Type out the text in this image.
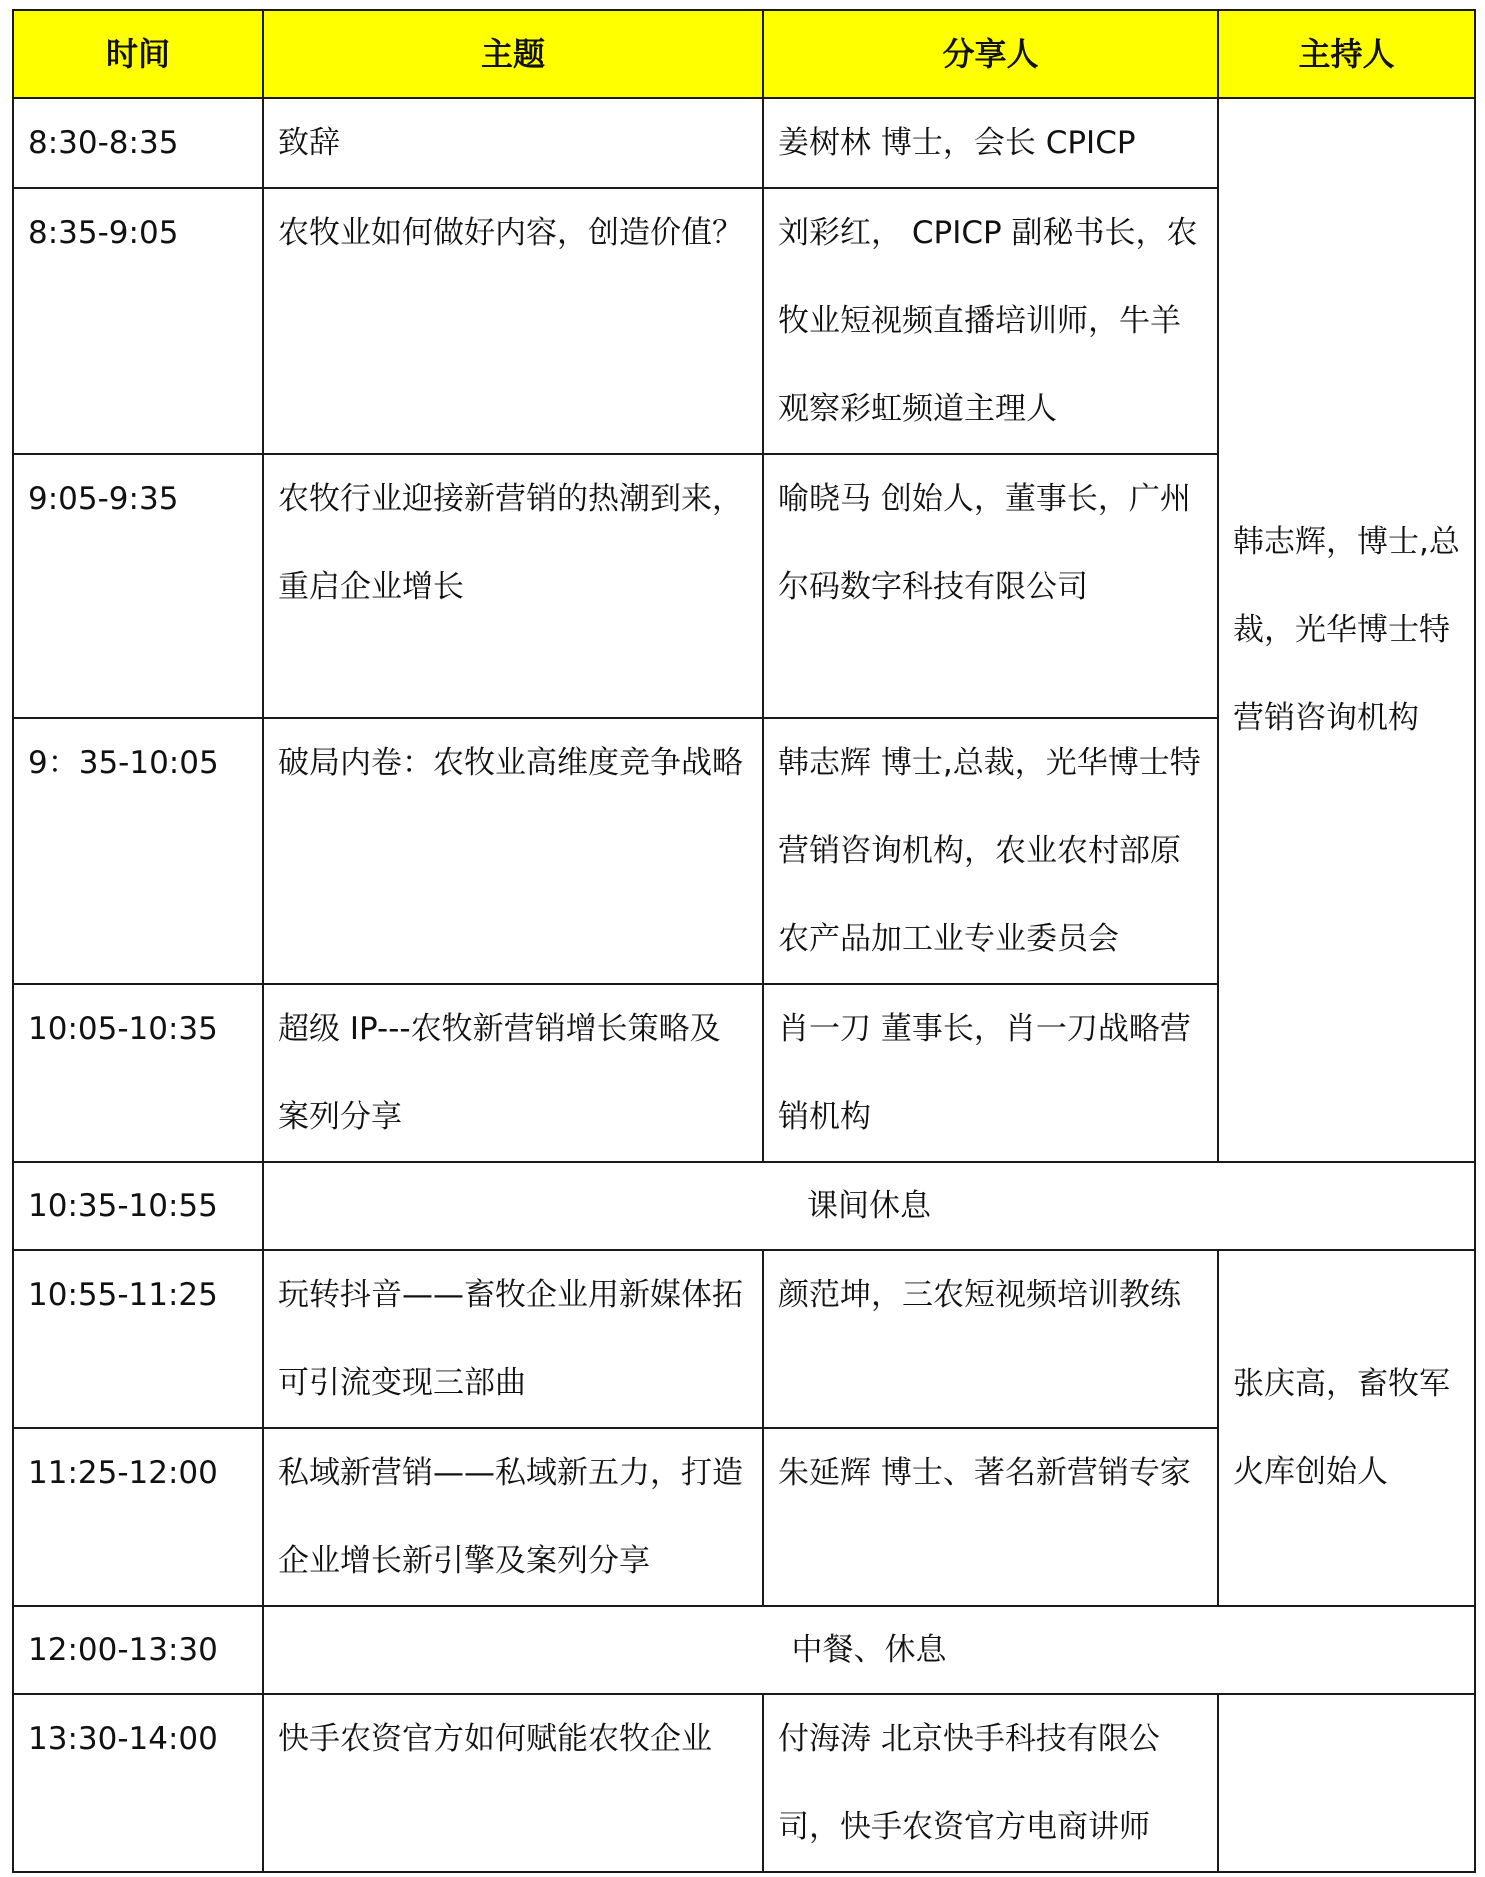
时间	主题	分享人	主持人
8:30-8:35	致辞	姜树林 博士，会长 CPICP	韩志辉，博士,总裁，光华博士特营销咨询机构
8:35-9:05	农牧业如何做好内容，创造价值？	刘彩红， CPICP 副秘书长，农牧业短视频直播培训师，牛羊观察彩虹频道主理人	
9:05-9:35	农牧行业迎接新营销的热潮到来，重启企业增长	喻晓马 创始人，董事长，广州尔码数字科技有限公司	
9：35-10:05	破局内卷：农牧业高维度竞争战略	韩志辉 博士,总裁，光华博士特营销咨询机构，农业农村部原农产品加工业专业委员会	
10:05-10:35	超级 IP---农牧新营销增长策略及案列分享	肖一刀 董事长，肖一刀战略营销机构	
10:35-10:55	课间休息		
10:55-11:25	玩转抖音——畜牧企业用新媒体拓可引流变现三部曲	颜范坤，三农短视频培训教练	张庆高，畜牧军火库创始人
11:25-12:00	私域新营销——私域新五力，打造企业增长新引擎及案列分享	朱延辉 博士、著名新营销专家	
12:00-13:30	中餐、休息		
13:30-14:00	快手农资官方如何赋能农牧企业	付海涛 北京快手科技有限公司，快手农资官方电商讲师	
